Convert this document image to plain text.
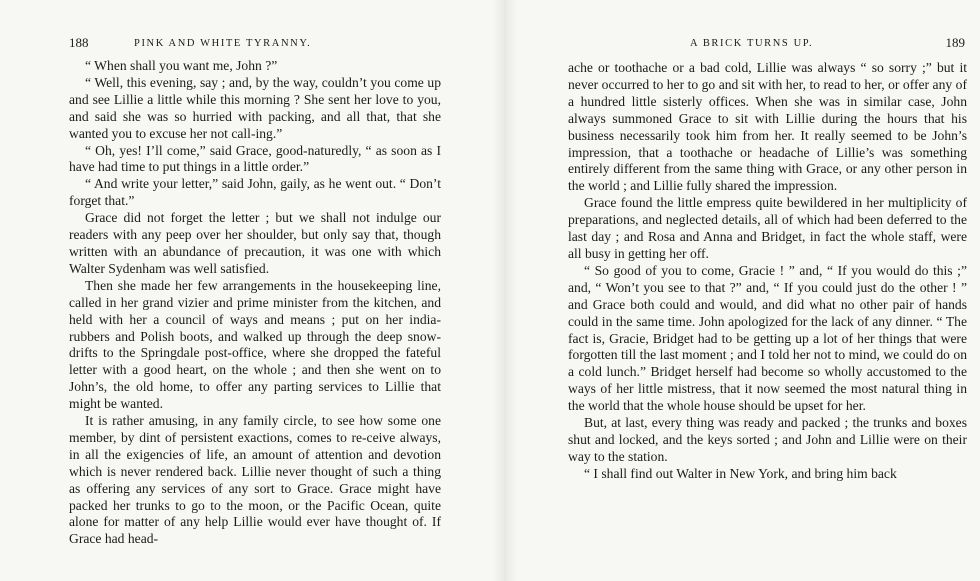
188	PINK AND WHITE TYRANNY.

“ When shall you want me, John ?”

“ Well, this evening, say ; and, by the way, couldn’t you come up and see Lillie a little while this morning ? She sent her love to you, and said she was so hurried with packing, and all that, that she wanted you to excuse her not call-ing.”

“ Oh, yes! I’ll come,” said Grace, good-naturedly, “ as soon as I have had time to put things in a little order.”

“ And write your letter,” said John, gaily, as he went out. “ Don’t forget that.”

Grace did not forget the letter ; but we shall not indulge our readers with any peep over her shoulder, but only say that, though written with an abundance of precaution, it was one with which Walter Sydenham was well satisfied.

Then she made her few arrangements in the housekeeping line, called in her grand vizier and prime minister from the kitchen, and held with her a council of ways and means ; put on her india-rubbers and Polish boots, and walked up through the deep snow-drifts to the Springdale post-office, where she dropped the fateful letter with a good heart, on the whole ; and then she went on to John’s, the old home, to offer any parting services to Lillie that might be wanted.

It is rather amusing, in any family circle, to see how some one member, by dint of persistent exactions, comes to re-ceive always, in all the exigencies of life, an amount of attention and devotion which is never rendered back. Lillie never thought of such a thing as offering any services of any sort to Grace. Grace might have packed her trunks to go to the moon, or the Pacific Ocean, quite alone for matter of any help Lillie would ever have thought of. If Grace had head-

A BRICK TURNS UP.	189

ache or toothache or a bad cold, Lillie was always “ so sorry ;” but it never occurred to her to go and sit with her, to read to her, or offer any of a hundred little sisterly offices. When she was in similar case, John always summoned Grace to sit with Lillie during the hours that his business necessarily took him from her. It really seemed to be John’s impression, that a toothache or headache of Lillie’s was something entirely different from the same thing with Grace, or any other person in the world ; and Lillie fully shared the impression.

Grace found the little empress quite bewildered in her multiplicity of preparations, and neglected details, all of which had been deferred to the last day ; and Rosa and Anna and Bridget, in fact the whole staff, were all busy in getting her off.

“ So good of you to come, Gracie ! ” and, “ If you would do this ;” and, “ Won’t you see to that ?” and, “ If you could just do the other ! ” and Grace both could and would, and did what no other pair of hands could in the same time. John apologized for the lack of any dinner. “ The fact is, Gracie, Bridget had to be getting up a lot of her things that were forgotten till the last moment ; and I told her not to mind, we could do on a cold lunch.” Bridget herself had become so wholly accustomed to the ways of her little mistress, that it now seemed the most natural thing in the world that the whole house should be upset for her.

But, at last, every thing was ready and packed ; the trunks and boxes shut and locked, and the keys sorted ; and John and Lillie were on their way to the station.

“ I shall find out Walter in New York, and bring him back
